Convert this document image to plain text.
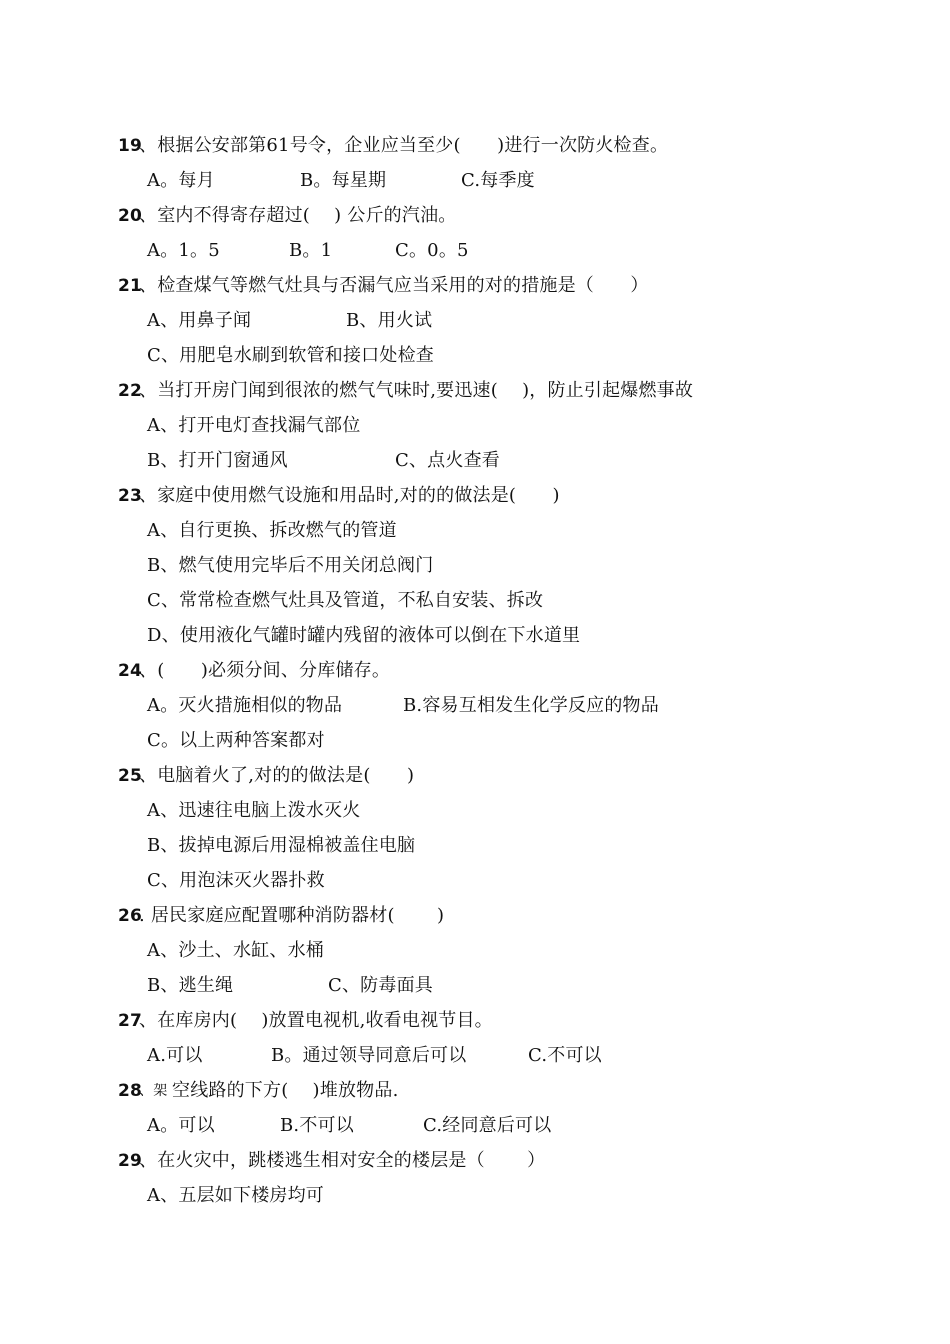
19
、根据公安部第61号令，企业应当至少(　　)进行一次防火检查。

A。每月

	B。每星期

	C.每季度

20
、室内不得寄存超过(　 ) 公斤的汽油。

A。1。5

	B。1

	C。0。5

21
、检查煤气等燃气灶具与否漏气应当采用的对的措施是（　　）

A、用鼻子闻

	B、用火试

C、用肥皂水刷到软管和接口处检查

22
、当打开房门闻到很浓的燃气气味时,要迅速(　 )，防止引起爆燃事故

A、打开电灯查找漏气部位

B、打开门窗通风

	C、点火查看

23
、家庭中使用燃气设施和用品时,对的的做法是(　　)

A、自行更换、拆改燃气的管道

B、燃气使用完毕后不用关闭总阀门

C、常常检查燃气灶具及管道，不私自安装、拆改

D、使用液化气罐时罐内残留的液体可以倒在下水道里

24
、(　　)必须分间、分库储存。

A。灭火措施相似的物品

	B.容易互相发生化学反应的物品

C。以上两种答案都对

25
、电脑着火了,对的的做法是(　　)

A、迅速往电脑上泼水灭火

B、拔掉电源后用湿棉被盖住电脑

C、用泡沫灭火器扑救

26
. 居民家庭应配置哪种消防器材(　　 )

A、沙土、水缸、水桶

B、逃生绳

	C、防毒面具

27
、在库房内(　 )放置电视机,收看电视节目。

A.可以

	B。通过领导同意后可以

	C.不可以

28
、架 空线路的下方(　 )堆放物品.

A。可以

	B.不可以

	C.经同意后可以

29
、在火灾中，跳楼逃生相对安全的楼层是（　　 ）

A、五层如下楼房均可
